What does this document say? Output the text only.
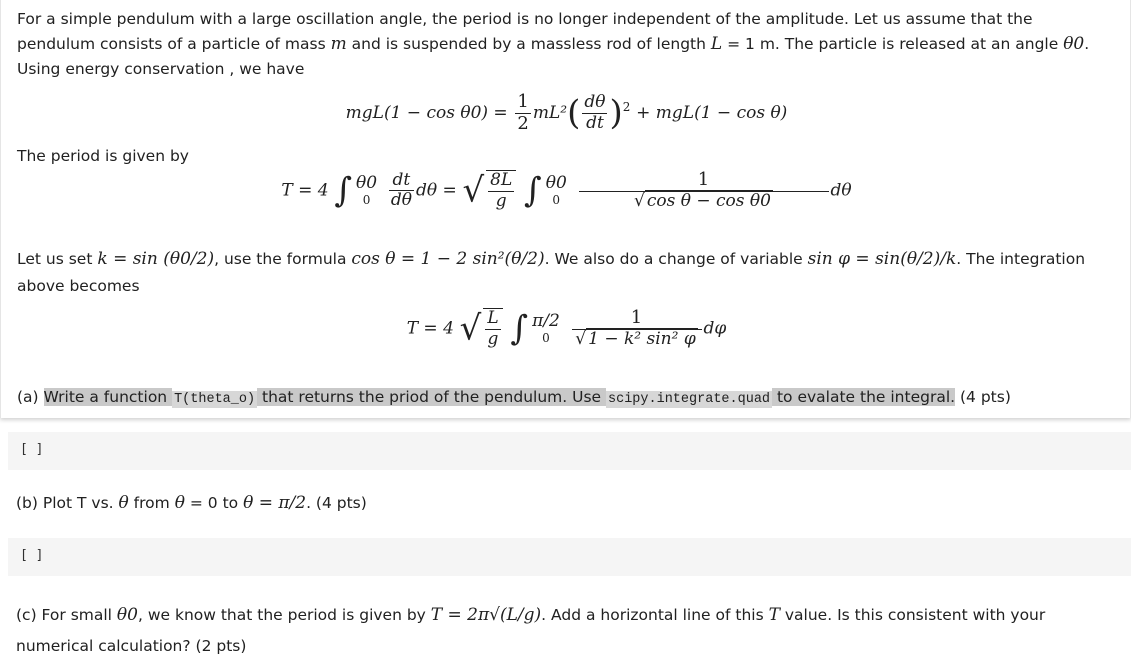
For a simple pendulum with a large oscillation angle, the period is no longer independent of the amplitude. Let us assume that the pendulum consists of a particle of mass m and is suspended by a massless rod of length L = 1 m. The particle is released at an angle θ0. Using energy conservation , we have
$mgL(1 - \cos \theta 0) = \frac{1}{2} mL^2( \frac{d\theta}{dt} )^2 + mgL(1 - \cos \theta)$
The period is given by
T = 4 ∫ θ0
0
	$\frac{dt}{d\theta}$ dθ = √ $\frac{8L}{g}$ ∫ θ0
0
	$\frac{1}{\text{√ cos θ − cos θ0}}$ dθ
Let us set k = sin (θ0/2), use the formula cos θ = 1 − 2 sin²(θ/2). We also do a change of variable sin φ = sin(θ/2)/k. The integration above becomes
T = 4 √ $\frac{L}{g}$ ∫ π/2
0
	$\frac{1}{\text{√ 1 − k² sin² φ}}$ dφ
(a) Write a function T(theta_o) that returns the priod of the pendulum. Use scipy.integrate.quad to evalate the integral. (4 pts)
[ ]
(b) Plot T vs. θ from θ = 0 to θ = π/2. (4 pts)
[ ]
(c) For small θ0, we know that the period is given by T = 2π√(L/g). Add a horizontal line of this T value. Is this consistent with your numerical calculation? (2 pts)
